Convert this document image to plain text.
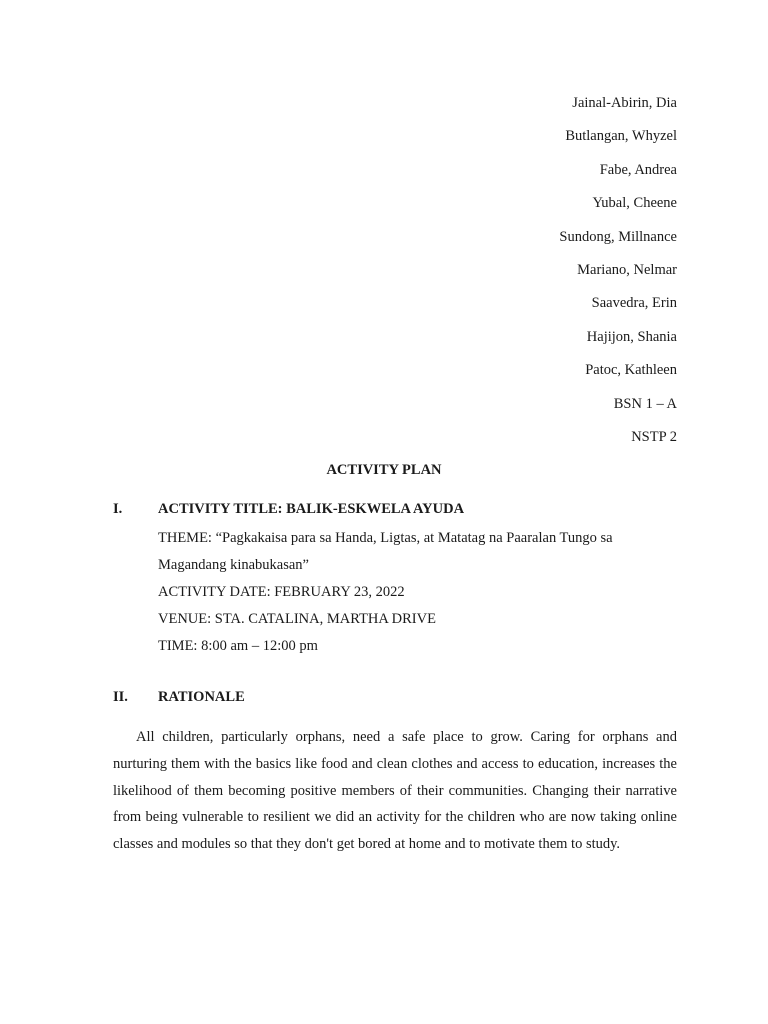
Jainal-Abirin, Dia
Butlangan, Whyzel
Fabe, Andrea
Yubal, Cheene
Sundong, Millnance
Mariano, Nelmar
Saavedra, Erin
Hajijon, Shania
Patoc, Kathleen
BSN 1 – A
NSTP 2
ACTIVITY PLAN
I. ACTIVITY TITLE: BALIK-ESKWELA AYUDA
THEME: “Pagkakaisa para sa Handa, Ligtas, at Matatag na Paaralan Tungo sa Magandang kinabukasan”
ACTIVITY DATE: FEBRUARY 23, 2022
VENUE: STA. CATALINA, MARTHA DRIVE
TIME: 8:00 am – 12:00 pm
II. RATIONALE

All children, particularly orphans, need a safe place to grow. Caring for orphans and nurturing them with the basics like food and clean clothes and access to education, increases the likelihood of them becoming positive members of their communities. Changing their narrative from being vulnerable to resilient we did an activity for the children who are now taking online classes and modules so that they don't get bored at home and to motivate them to study.
